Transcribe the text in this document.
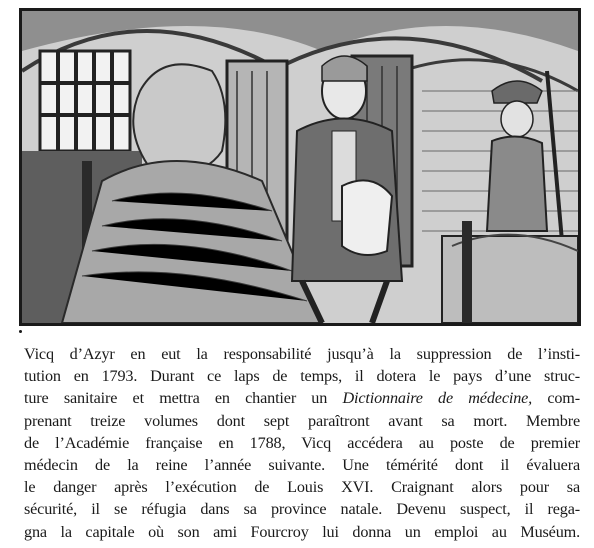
Vicq d’Azyr en eut la responsabilité jusqu’à la suppression de l’insti-
tution en 1793. Durant ce laps de temps, il dotera le pays d’une struc-
ture sanitaire et mettra en chantier un Dictionnaire de médecine, com-
prenant treize volumes dont sept paraîtront avant sa mort. Membre
de l’Académie française en 1788, Vicq accédera au poste de premier
médecin de la reine l’année suivante. Une témérité dont il évaluera
le danger après l’exécution de Louis XVI. Craignant alors pour sa
sécurité, il se réfugia dans sa province natale. Devenu suspect, il rega-
gna la capitale où son ami Fourcroy lui donna un emploi au Muséum.
